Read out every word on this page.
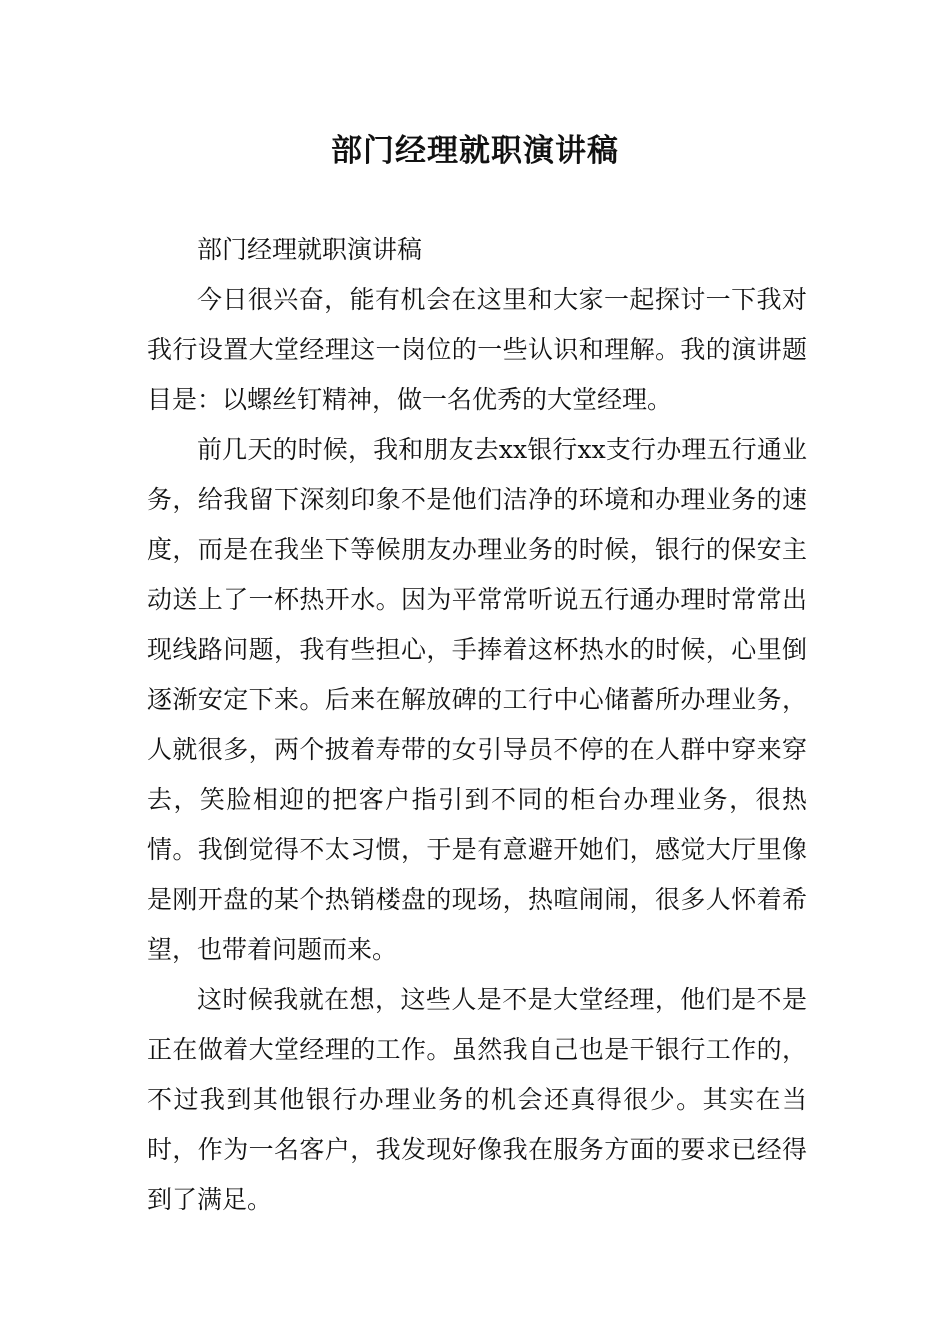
部门经理就职演讲稿

部门经理就职演讲稿

今日很兴奋，能有机会在这里和大家一起探讨一下我对我行设置大堂经理这一岗位的一些认识和理解。我的演讲题目是：以螺丝钉精神，做一名优秀的大堂经理。

前几天的时候，我和朋友去xx银行xx支行办理五行通业务，给我留下深刻印象不是他们洁净的环境和办理业务的速度，而是在我坐下等候朋友办理业务的时候，银行的保安主动送上了一杯热开水。因为平常常听说五行通办理时常常出现线路问题，我有些担心，手捧着这杯热水的时候，心里倒逐渐安定下来。后来在解放碑的工行中心储蓄所办理业务，人就很多，两个披着寿带的女引导员不停的在人群中穿来穿去，笑脸相迎的把客户指引到不同的柜台办理业务，很热情。我倒觉得不太习惯，于是有意避开她们，感觉大厅里像是刚开盘的某个热销楼盘的现场，热喧闹闹，很多人怀着希望，也带着问题而来。

这时候我就在想，这些人是不是大堂经理，他们是不是正在做着大堂经理的工作。虽然我自己也是干银行工作的，不过我到其他银行办理业务的机会还真得很少。其实在当时，作为一名客户，我发现好像我在服务方面的要求已经得到了满足。
